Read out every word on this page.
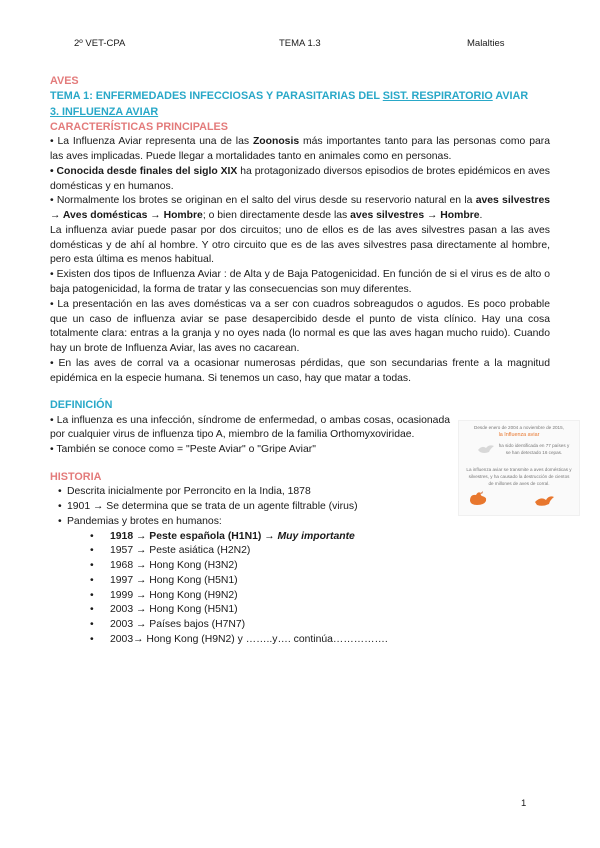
2º VET-CPA	TEMA 1.3	Malalties
AVES
TEMA 1: ENFERMEDADES INFECCIOSAS Y PARASITARIAS DEL SIST. RESPIRATORIO AVIAR
3. INFLUENZA AVIAR
CARACTERÍSTICAS PRINCIPALES

• La Influenza Aviar representa una de las Zoonosis más importantes tanto para las personas como para las aves implicadas. Puede llegar a mortalidades tanto en animales como en personas.

• Conocida desde finales del siglo XIX ha protagonizado diversos episodios de brotes epidémicos en aves domésticas y en humanos.

• Normalmente los brotes se originan en el salto del virus desde su reservorio natural en la aves silvestres → Aves domésticas → Hombre; o bien directamente desde las aves silvestres → Hombre.

La influenza aviar puede pasar por dos circuitos; uno de ellos es de las aves silvestres pasan a las aves domésticas y de ahí al hombre. Y otro circuito que es de las aves silvestres pasa directamente al hombre, pero esta última es menos habitual.

• Existen dos tipos de Influenza Aviar : de Alta y de Baja Patogenicidad. En función de si el virus es de alto o baja patogenicidad, la forma de tratar y las consecuencias son muy diferentes.

• La presentación en las aves domésticas va a ser con cuadros sobreagudos o agudos. Es poco probable que un caso de influenza aviar se pase desapercibido desde el punto de vista clínico. Hay una cosa totalmente clara: entras a la granja y no oyes nada (lo normal es que las aves hagan mucho ruido). Cuando hay un brote de Influenza Aviar, las aves no cacarean.

• En las aves de corral va a ocasionar numerosas pérdidas, que son secundarias frente a la magnitud epidémica en la especie humana. Si tenemos un caso, hay que matar a todas.

DEFINICIÓN

• La influenza es una infección, síndrome de enfermedad, o ambas cosas, ocasionada por cualquier virus de influenza tipo A, miembro de la familia Orthomyxoviridae.

• También se conoce como = "Peste Aviar" o "Gripe Aviar"

Desde enero de 2004 a noviembre de 2015,
la Influenza aviar
ha sido identificada en 77 países y
se han detectado 16 cepas.
La influenza aviar se transmite a aves domésticas y
silvestres, y ha causado la destrucción de cientos
de millones de aves de corral.
HISTORIA
• Descrita inicialmente por Perroncito en la India, 1878
• 1901 → Se determina que se trata de un agente filtrable (virus)
• Pandemias y brotes en humanos:
• 1918 → Peste española (H1N1) → Muy importante
• 1957 → Peste asiática (H2N2)
• 1968 → Hong Kong (H3N2)
• 1997 → Hong Kong (H5N1)
• 1999 → Hong Kong (H9N2)
• 2003 → Hong Kong (H5N1)
• 2003 → Países bajos (H7N7)
• 2003→ Hong Kong (H9N2) y ……..y…. continúa…………….
1
